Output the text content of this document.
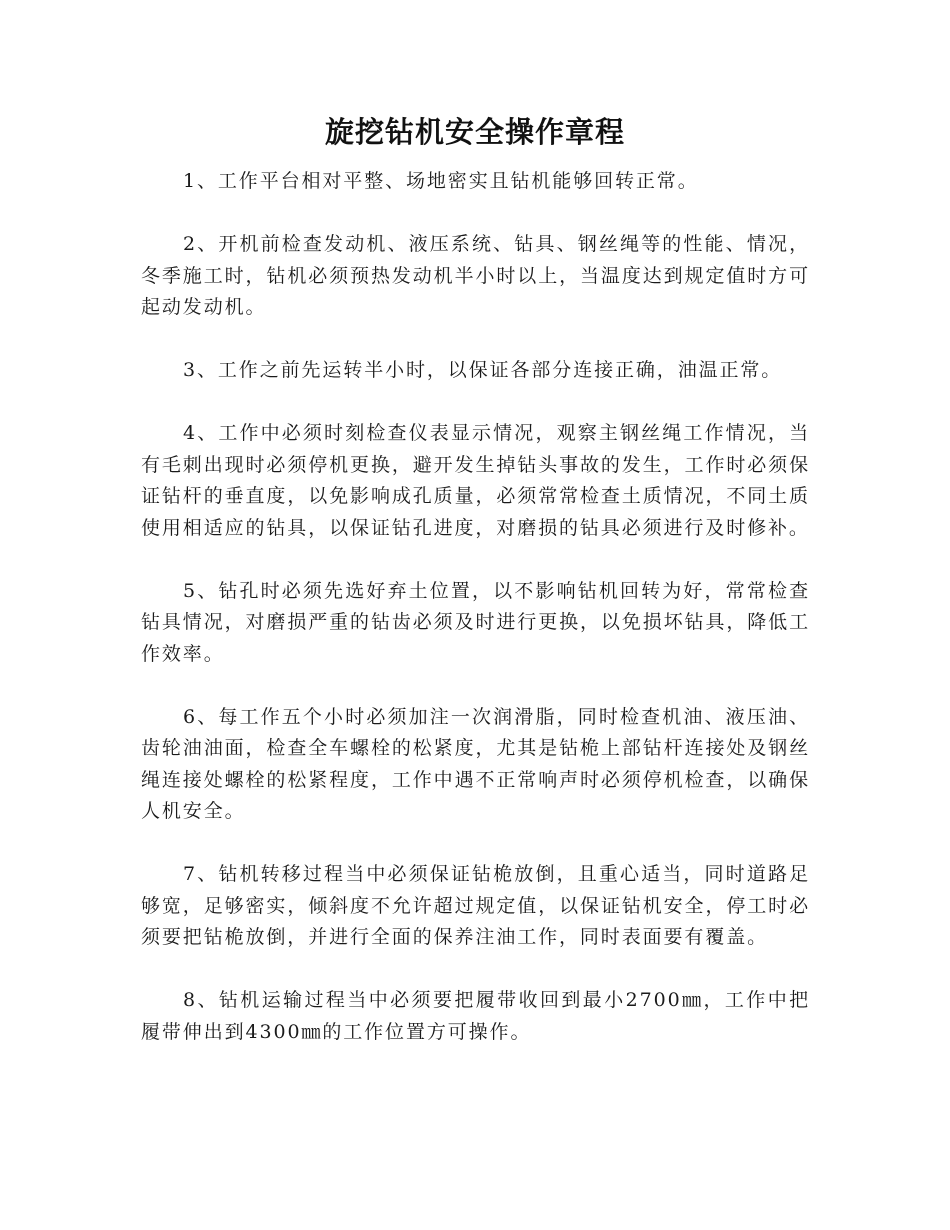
旋挖钻机安全操作章程

1、工作平台相对平整、场地密实且钻机能够回转正常。

2、开机前检查发动机、液压系统、钻具、钢丝绳等的性能、情况，冬季施工时，钻机必须预热发动机半小时以上，当温度达到规定值时方可起动发动机。

3、工作之前先运转半小时，以保证各部分连接正确，油温正常。

4、工作中必须时刻检查仪表显示情况，观察主钢丝绳工作情况，当有毛刺出现时必须停机更换，避开发生掉钻头事故的发生，工作时必须保证钻杆的垂直度，以免影响成孔质量，必须常常检查土质情况，不同土质使用相适应的钻具，以保证钻孔进度，对磨损的钻具必须进行及时修补。

5、钻孔时必须先选好弃土位置，以不影响钻机回转为好，常常检查钻具情况，对磨损严重的钻齿必须及时进行更换，以免损坏钻具，降低工作效率。

6、每工作五个小时必须加注一次润滑脂，同时检查机油、液压油、齿轮油油面，检查全车螺栓的松紧度，尤其是钻桅上部钻杆连接处及钢丝绳连接处螺栓的松紧程度，工作中遇不正常响声时必须停机检查，以确保人机安全。

7、钻机转移过程当中必须保证钻桅放倒，且重心适当，同时道路足够宽，足够密实，倾斜度不允许超过规定值，以保证钻机安全，停工时必须要把钻桅放倒，并进行全面的保养注油工作，同时表面要有覆盖。

8、钻机运输过程当中必须要把履带收回到最小2700㎜，工作中把履带伸出到4300㎜的工作位置方可操作。
